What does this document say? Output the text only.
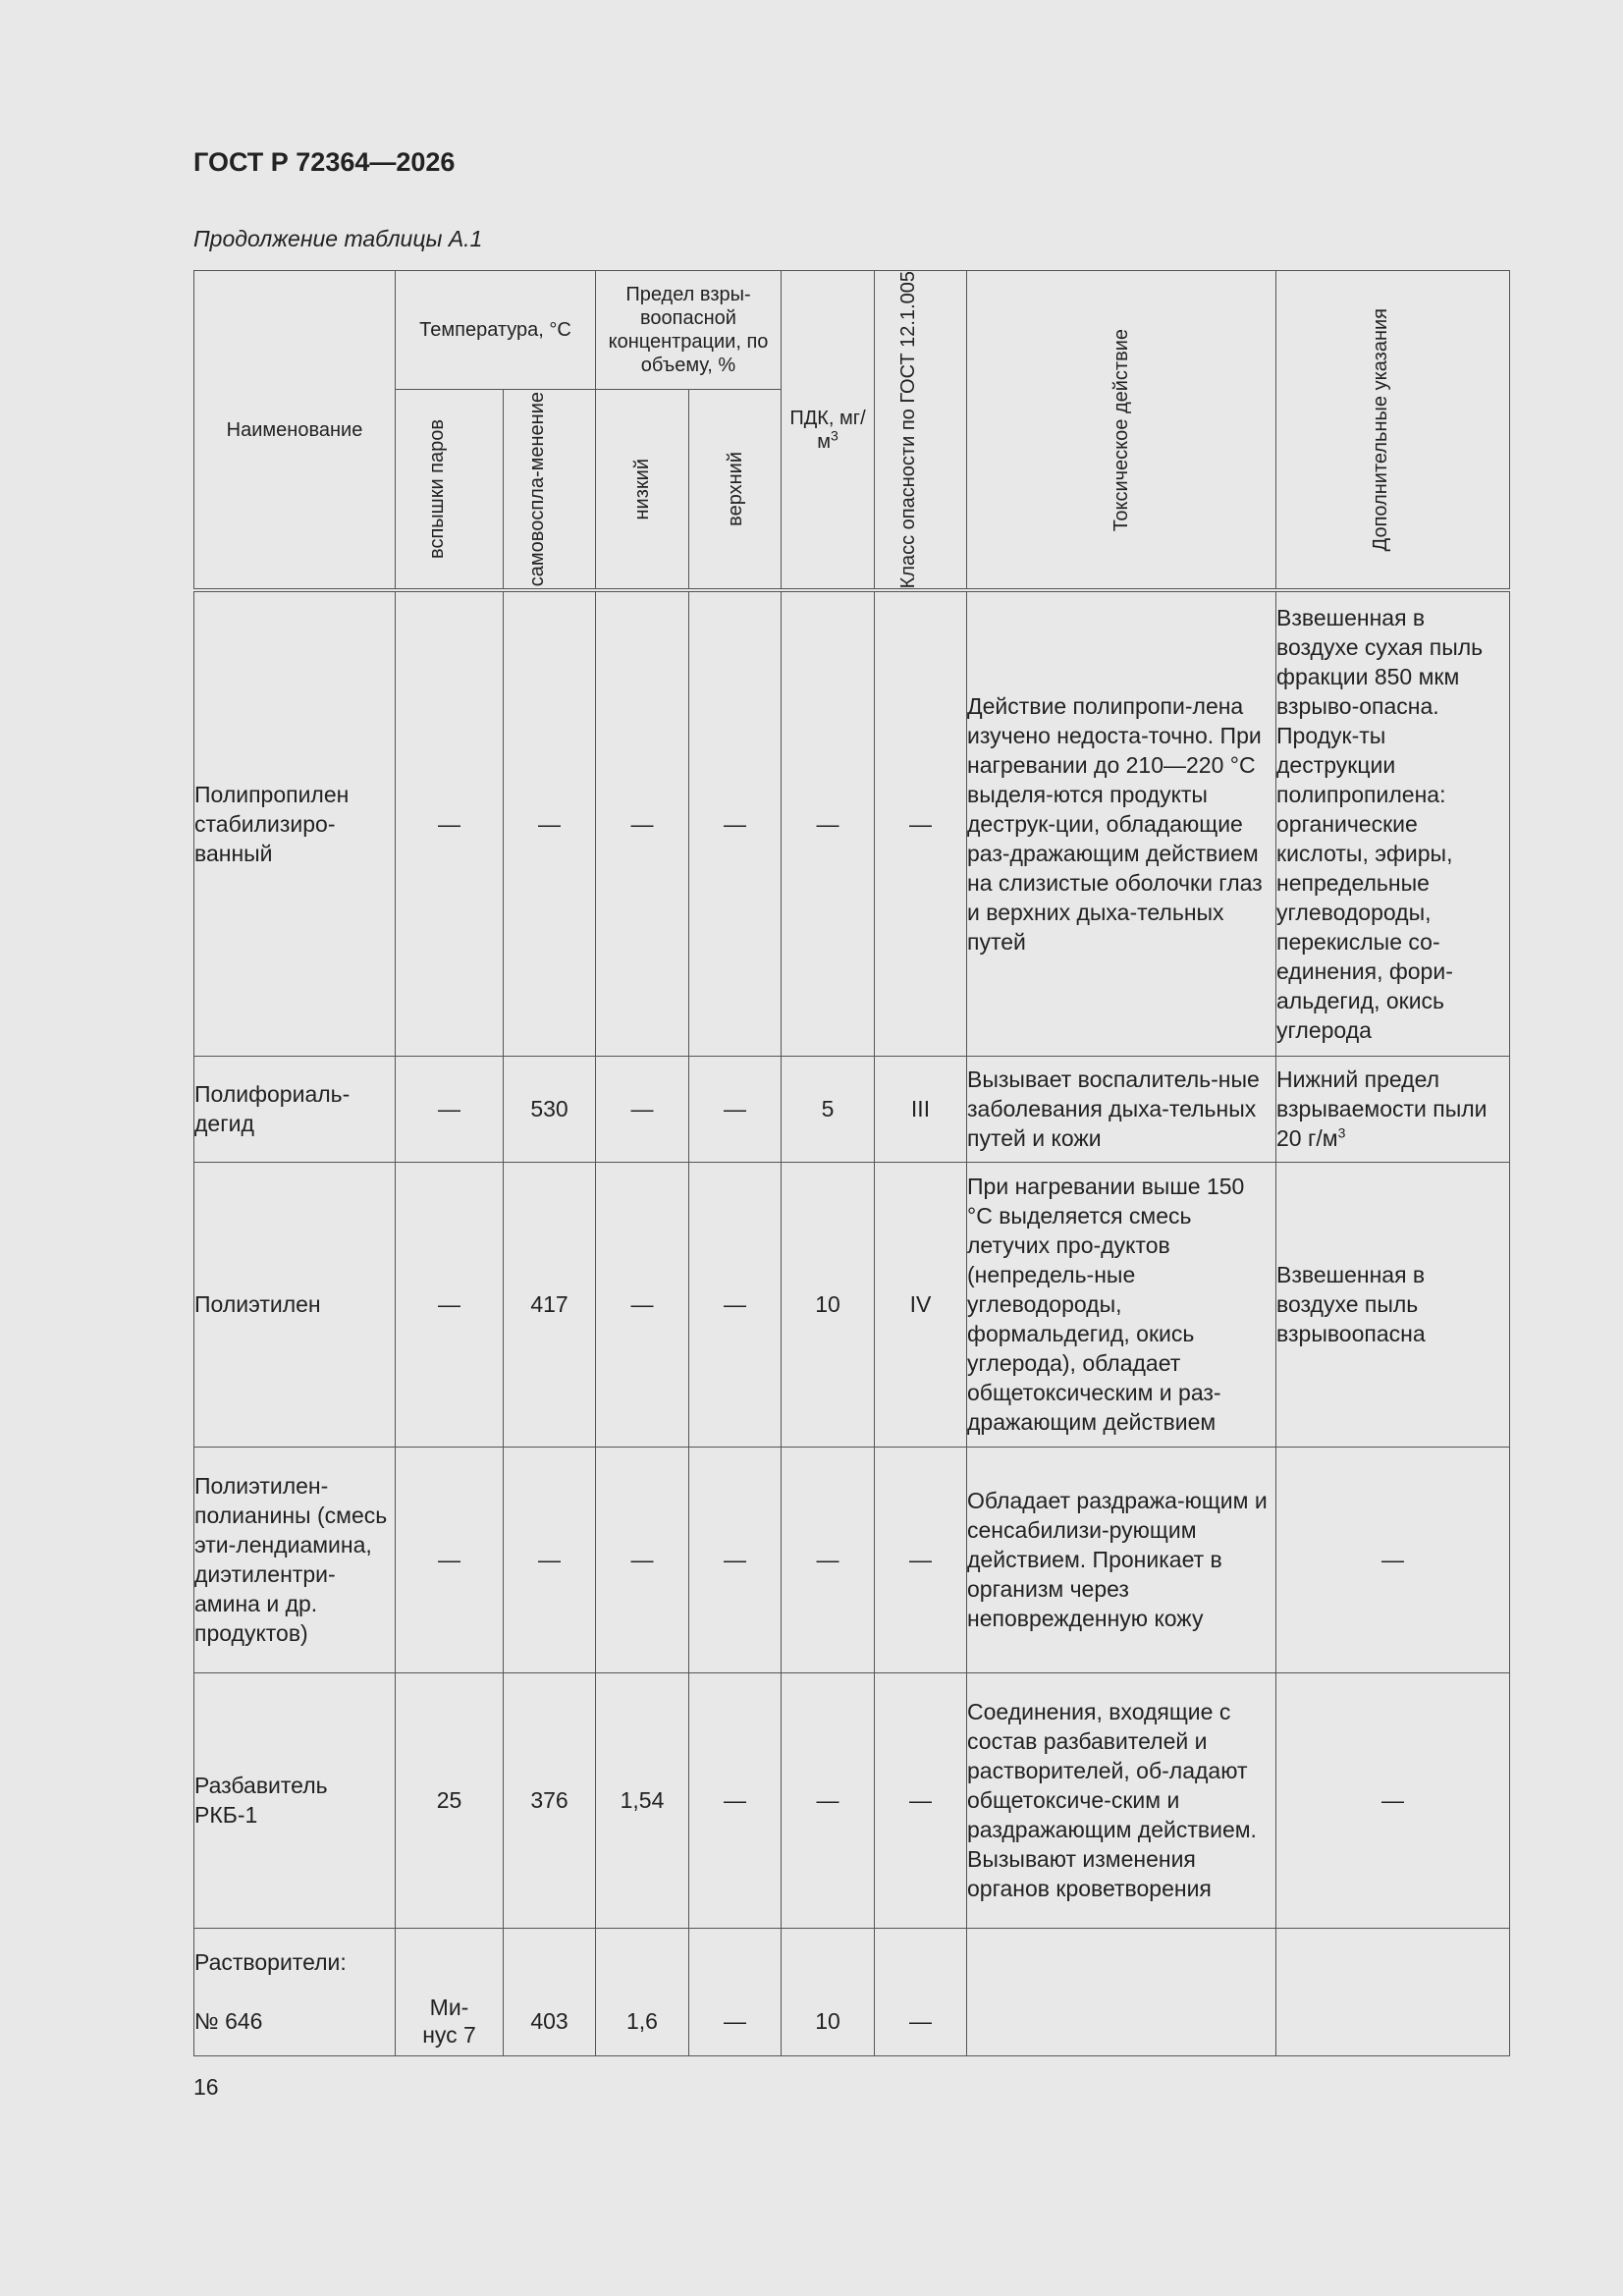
ГОСТ Р 72364—2026
Продолжение таблицы А.1
Наименование	Температура, °С		Предел взры-воопасной концентрации, по объему, %		ПДК, $мг/м^3$	Класс опасности по ГОСТ 12.1.005	Токсическое действие	Дополнительные указания

	вспышки паров	самовоспла-менение	низкий	верхний				

Полипропилен стабилизиро-ванный	—	—	—	—	—	—	Действие полипропи-лена изучено недоста-точно. При нагревании до 210—220 °С выделя-ются продукты деструк-ции, обладающие раз-дражающим действием на слизистые оболочки глаз и верхних дыха-тельных путей	Взвешенная в воздухе сухая пыль фракции 850 мкм взрыво-опасна. Продук-ты деструкции полипропилена: органические кислоты, эфиры, непредельные углеводороды, перекислые со-единения, фори-альдегид, окись углерода
Полифориаль-дегид	—	530	—	—	5	III	Вызывает воспалитель-ные заболевания дыха-тельных путей и кожи	Нижний предел взрываемости пыли 20 $г/м^3$
Полиэтилен	—	417	—	—	10	IV	При нагревании выше 150 °С выделяется смесь летучих про-дуктов (непредель-ные углеводороды, формальдегид, окись углерода), обладает общетоксическим и раз-дражающим действием	Взвешенная в воздухе пыль взрывоопасна
Полиэтилен-полианины (смесь эти-лендиамина, диэтилентри-амина и др. продуктов)	—	—	—	—	—	—	Обладает раздража-ющим и сенсабилизи-рующим действием. Проникает в организм через неповрежденную кожу	—
Разбавитель РКБ-1	25	376	1,54	—	—	—	Соединения, входящие с состав разбавителей и растворителей, об-ладают общетоксиче-ским и раздражающим действием. Вызывают изменения органов кроветворения	—

Растворители:
№ 646	Ми-нус 7	403	1,6	—	10	—		
16
